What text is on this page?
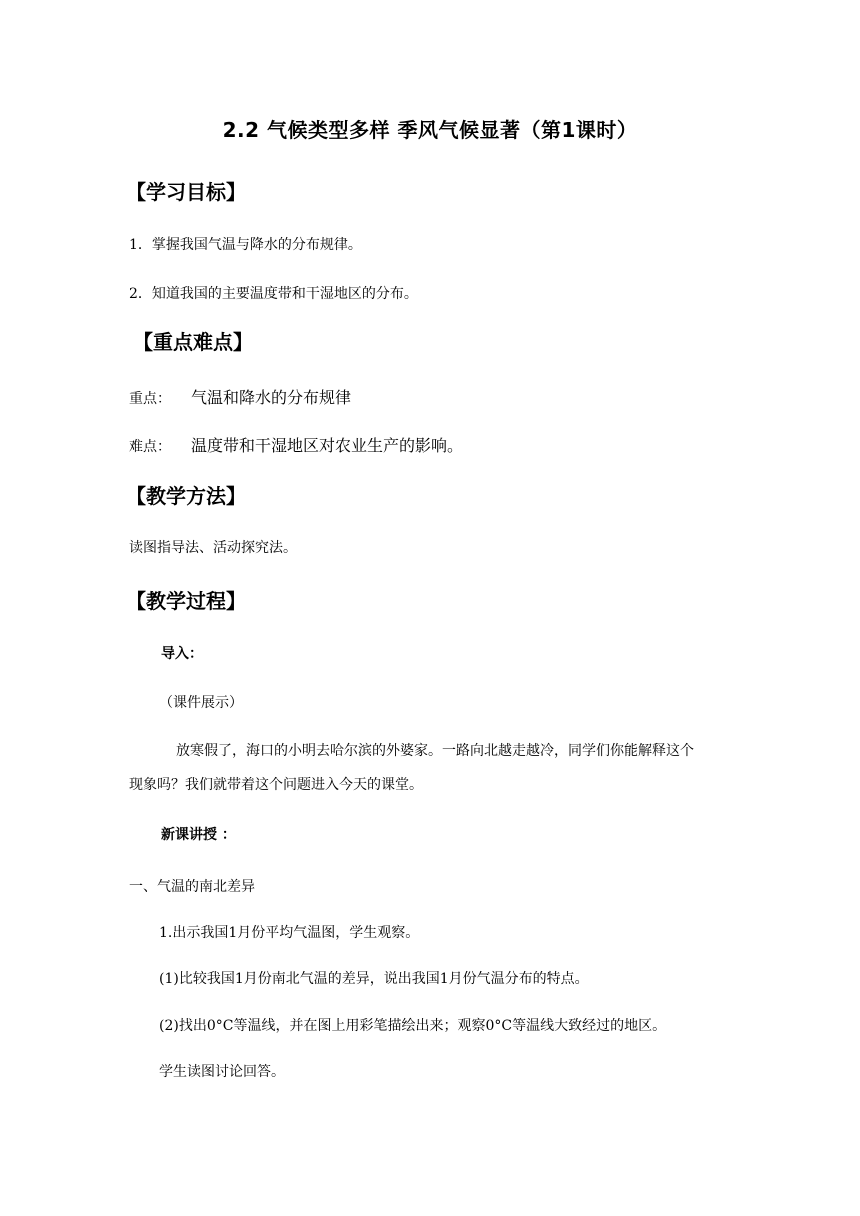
2.2 气候类型多样 季风气候显著（第1课时）
【学习目标】
1．掌握我国气温与降水的分布规律。
2．知道我国的主要温度带和干湿地区的分布。
【重点难点】
重点： 气温和降水的分布规律
难点： 温度带和干湿地区对农业生产的影响。
【教学方法】
读图指导法、活动探究法。
【教学过程】
导入：
（课件展示）
放寒假了，海口的小明去哈尔滨的外婆家。一路向北越走越冷，同学们你能解释这个
现象吗？我们就带着这个问题进入今天的课堂。
新课讲授 ：
一、气温的南北差异
1.出示我国1月份平均气温图，学生观察。
(1)比较我国1月份南北气温的差异，说出我国1月份气温分布的特点。
(2)找出0°C等温线，并在图上用彩笔描绘出来；观察0°C等温线大致经过的地区。
学生读图讨论回答。
